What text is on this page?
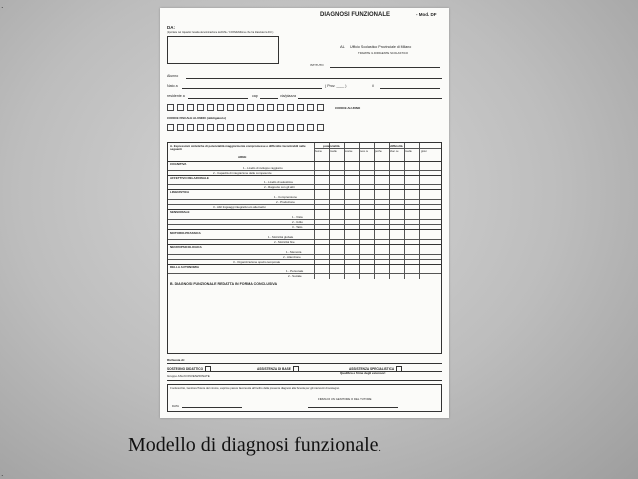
.
.
DIAGNOSI FUNZIONALE	- Mod. DF
DA:
(riportare nel riquadro l'esatta denominazione dell'ASL / CONVENZione che ha rilasciato la D.F.)
AL Ufficio Scolastico Provinciale di Milano
TRAMITE IL DIRIGENTE SCOLASTICO
ISTITUTO
Alunno
Nato a	( Prov. ____ )	il
residente a	cap	via/piazza
CODICE ALUNNO
CODICE FISCALE ALUNNO (obbligatorio)
A. Espressioni sintetiche di potenzialità maggiormente compromesse e difficoltà riscontrabili nelle seguenti
AREE
potenzialità	difficoltà
buone	medie	scarse	ness. te	poche	diver. se	medie	gravi
COGNITIVA
1 - Livello di sviluppo raggiunto
2 - Capacità di integrazione delle competenze
AFFETTIVO RELAZIONALE
1 - Livello di autostima
2 - Rapporto con gli altri
LINGUISTICA
1 - Comprensione
2 - Produzione
3 - Altri linguaggi integrativi e/o alternativi
SENSORIALE
1 - Vista
2 - Udito
3 - Tatto
MOTORIO-PRASSICA
1 - Motricità globale
2 - Motricità fine
NEUROPSICOLOGICA
1 - Memoria
2 - Attenzione
3 - Organizzazione spazio temporale
DELLA AUTONOMIA
1 - Personale
2 - Sociale
B. DIAGNOSI FUNZIONALE REDATTA IN FORMA CONCLUSIVA
Richiesta di:
SOSTEGNO DIDATTICO	ASSISTENZA DI BASE	ASSISTENZA SPECIALISTICA
Gruppo ASL/CONVENZIONATE
Qualifica e firme degli estensori
Il sottoscritto, Genitore/Tutore del minore, esprime parere favorevole all'inoltro della presente diagnosi alla Scuola per gli interventi di sostegno.
FIRMA DI UN GENITORE O DEL TUTORE
DATA
Modello di diagnosi funzionale.
